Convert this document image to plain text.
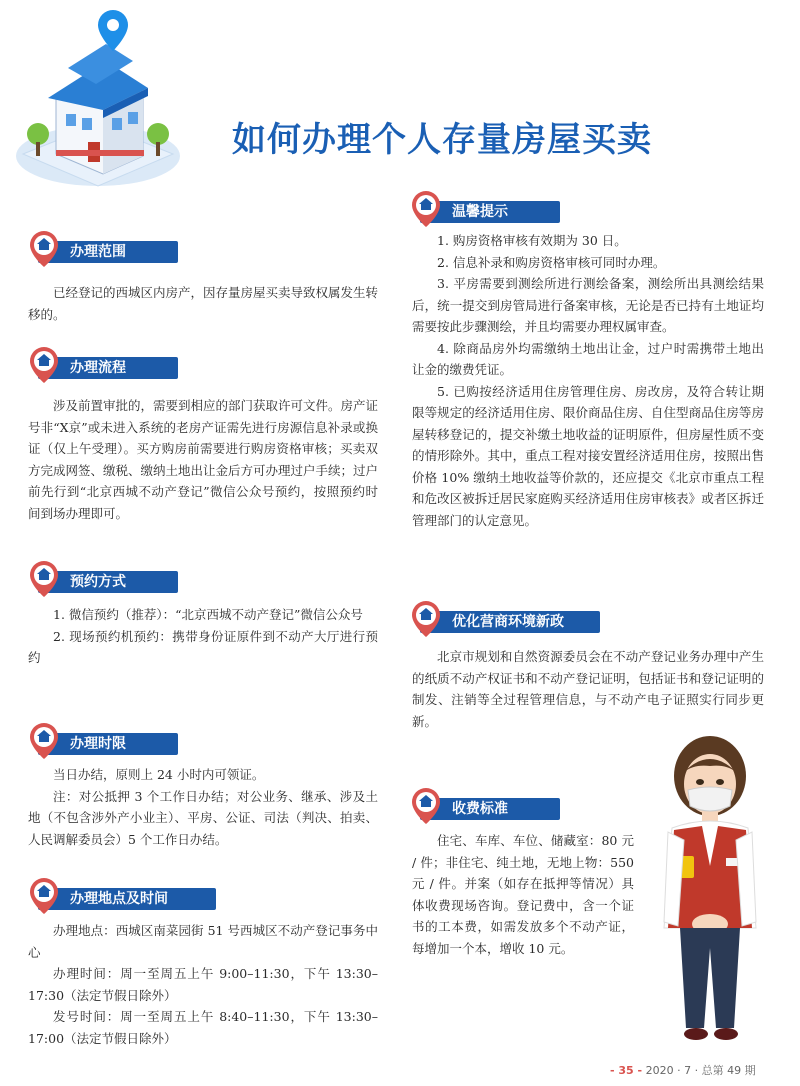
如何办理个人存量房屋买卖
办理范围

已经登记的西城区内房产，因存量房屋买卖导致权属发生转移的。

办理流程

涉及前置审批的，需要到相应的部门获取许可文件。房产证号非“X京”或未进入系统的老房产证需先进行房源信息补录或换证（仅上午受理）。买方购房前需要进行购房资格审核；买卖双方完成网签、缴税、缴纳土地出让金后方可办理过户手续；过户前先行到“北京西城不动产登记”微信公众号预约，按照预约时间到场办理即可。

预约方式

1. 微信预约（推荐）：“北京西城不动产登记”微信公众号

2. 现场预约机预约：携带身份证原件到不动产大厅进行预约

办理时限

当日办结，原则上 24 小时内可领证。

注：对公抵押 3 个工作日办结；对公业务、继承、涉及土地（不包含涉外产小业主）、平房、公证、司法（判决、拍卖、人民调解委员会）5 个工作日办结。

办理地点及时间

办理地点：西城区南菜园街 51 号西城区不动产登记事务中心

办理时间：周一至周五上午 9:00–11:30，下午 13:30–17:30（法定节假日除外）

发号时间：周一至周五上午 8:40–11:30，下午 13:30–17:00（法定节假日除外）

温馨提示

1. 购房资格审核有效期为 30 日。

2. 信息补录和购房资格审核可同时办理。

3. 平房需要到测绘所进行测绘备案，测绘所出具测绘结果后，统一提交到房管局进行备案审核，无论是否已持有土地证均需要按此步骤测绘，并且均需要办理权属审查。

4. 除商品房外均需缴纳土地出让金，过户时需携带土地出让金的缴费凭证。

5. 已购按经济适用住房管理住房、房改房，及符合转让期限等规定的经济适用住房、限价商品住房、自住型商品住房等房屋转移登记的，提交补缴土地收益的证明原件，但房屋性质不变的情形除外。其中，重点工程对接安置经济适用住房，按照出售价格 10% 缴纳土地收益等价款的，还应提交《北京市重点工程和危改区被拆迁居民家庭购买经济适用住房审核表》或者区拆迁管理部门的认定意见。

优化营商环境新政

北京市规划和自然资源委员会在不动产登记业务办理中产生的纸质不动产权证书和不动产登记证明，包括证书和登记证明的制发、注销等全过程管理信息，与不动产电子证照实行同步更新。

收费标准

住宅、车库、车位、储藏室：80 元 / 件；非住宅、纯土地，无地上物：550 元 / 件。并案（如存在抵押等情况）具体收费现场咨询。登记费中，含一个证书的工本费，如需发放多个不动产证，每增加一个本，增收 10 元。

- 35 - 2020 · 7 · 总第 49 期
